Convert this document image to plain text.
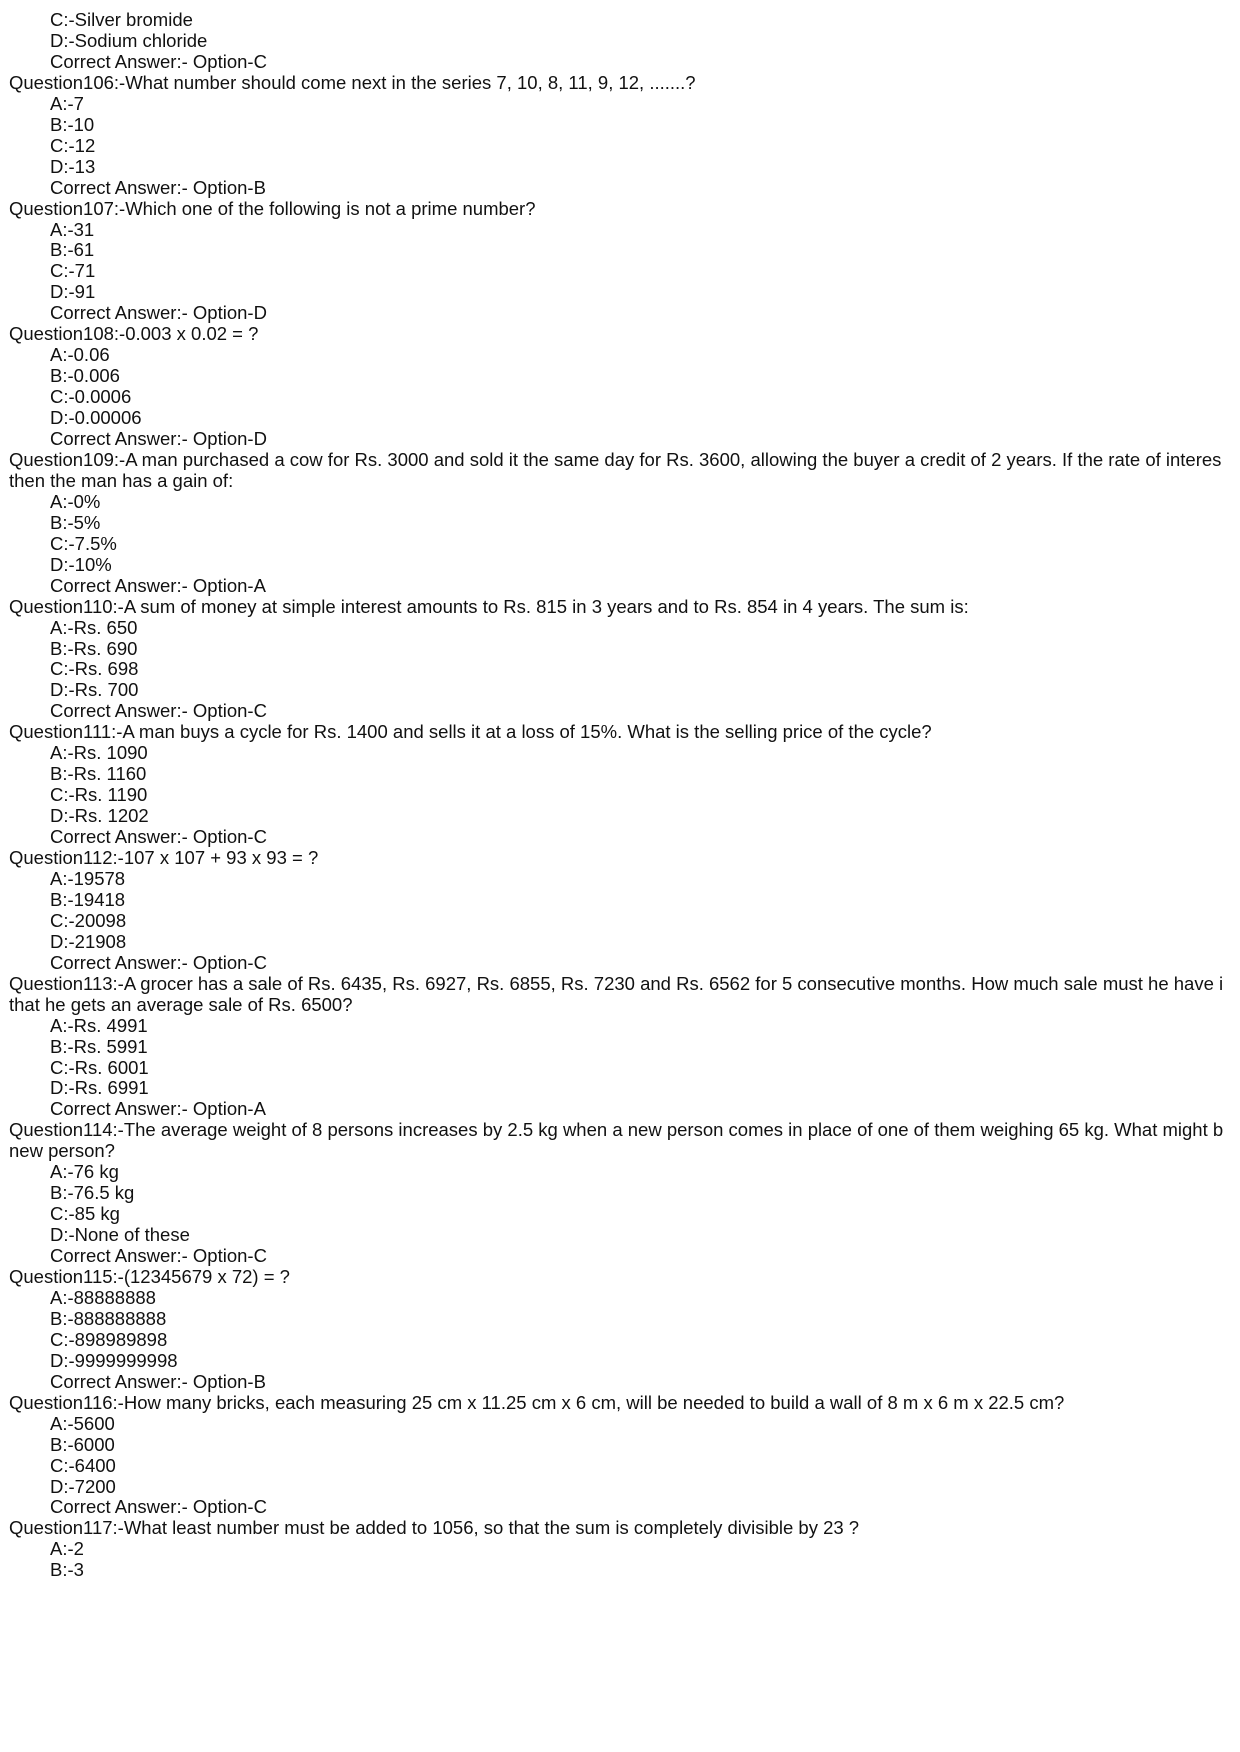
C:-Silver bromide
D:-Sodium chloride
Correct Answer:- Option-C
Question106:-What number should come next in the series 7, 10, 8, 11, 9, 12, .......?
A:-7
B:-10
C:-12
D:-13
Correct Answer:- Option-B
Question107:-Which one of the following is not a prime number?
A:-31
B:-61
C:-71
D:-91
Correct Answer:- Option-D
Question108:-0.003 x 0.02 = ?
A:-0.06
B:-0.006
C:-0.0006
D:-0.00006
Correct Answer:- Option-D
Question109:-A man purchased a cow for Rs. 3000 and sold it the same day for Rs. 3600, allowing the buyer a credit of 2 years. If the rate of interes
then the man has a gain of:
A:-0%
B:-5%
C:-7.5%
D:-10%
Correct Answer:- Option-A
Question110:-A sum of money at simple interest amounts to Rs. 815 in 3 years and to Rs. 854 in 4 years. The sum is:
A:-Rs. 650
B:-Rs. 690
C:-Rs. 698
D:-Rs. 700
Correct Answer:- Option-C
Question111:-A man buys a cycle for Rs. 1400 and sells it at a loss of 15%. What is the selling price of the cycle?
A:-Rs. 1090
B:-Rs. 1160
C:-Rs. 1190
D:-Rs. 1202
Correct Answer:- Option-C
Question112:-107 x 107 + 93 x 93 = ?
A:-19578
B:-19418
C:-20098
D:-21908
Correct Answer:- Option-C
Question113:-A grocer has a sale of Rs. 6435, Rs. 6927, Rs. 6855, Rs. 7230 and Rs. 6562 for 5 consecutive months. How much sale must he have i
that he gets an average sale of Rs. 6500?
A:-Rs. 4991
B:-Rs. 5991
C:-Rs. 6001
D:-Rs. 6991
Correct Answer:- Option-A
Question114:-The average weight of 8 persons increases by 2.5 kg when a new person comes in place of one of them weighing 65 kg. What might b
new person?
A:-76 kg
B:-76.5 kg
C:-85 kg
D:-None of these
Correct Answer:- Option-C
Question115:-(12345679 x 72) = ?
A:-88888888
B:-888888888
C:-898989898
D:-9999999998
Correct Answer:- Option-B
Question116:-How many bricks, each measuring 25 cm x 11.25 cm x 6 cm, will be needed to build a wall of 8 m x 6 m x 22.5 cm?
A:-5600
B:-6000
C:-6400
D:-7200
Correct Answer:- Option-C
Question117:-What least number must be added to 1056, so that the sum is completely divisible by 23 ?
A:-2
B:-3
